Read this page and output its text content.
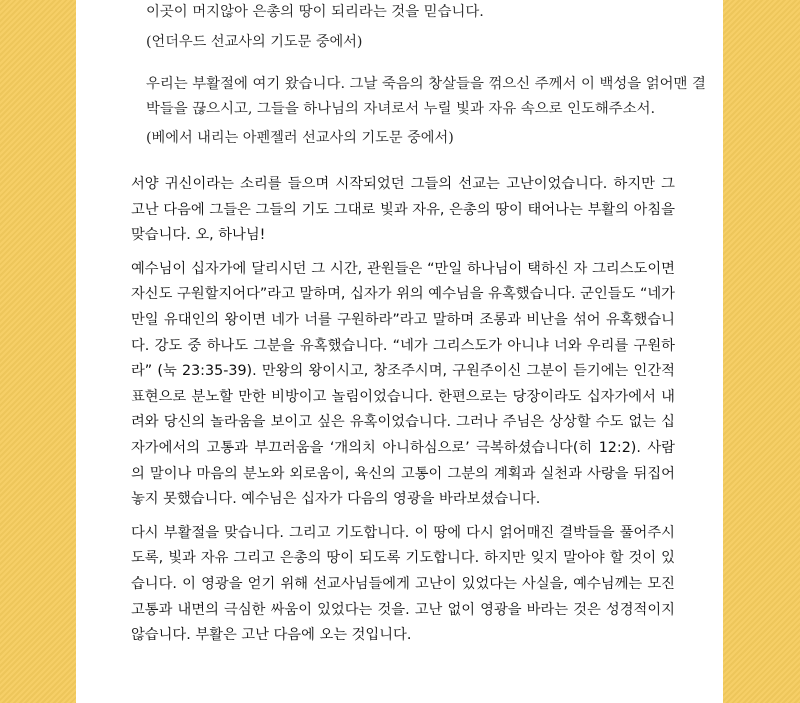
이곳이 머지않아 은총의 땅이 되리라는 것을 믿습니다.

(언더우드 선교사의 기도문 중에서)

우리는 부활절에 여기 왔습니다. 그날 죽음의 창살들을 꺾으신 주께서 이 백성을 얽어맨 결박들을 끊으시고, 그들을 하나님의 자녀로서 누릴 빛과 자유 속으로 인도해주소서.

(베에서 내리는 아펜젤러 선교사의 기도문 중에서)

서양 귀신이라는 소리를 들으며 시작되었던 그들의 선교는 고난이었습니다. 하지만 그 고난 다음에 그들은 그들의 기도 그대로 빛과 자유, 은총의 땅이 태어나는 부활의 아침을 맞습니다. 오, 하나님!

예수님이 십자가에 달리시던 그 시간, 관원들은 “만일 하나님이 택하신 자 그리스도이면 자신도 구원할지어다”라고 말하며, 십자가 위의 예수님을 유혹했습니다. 군인들도 “네가 만일 유대인의 왕이면 네가 너를 구원하라”라고 말하며 조롱과 비난을 섞어 유혹했습니다. 강도 중 하나도 그분을 유혹했습니다. “네가 그리스도가 아니냐 너와 우리를 구원하라” (눅 23:35-39). 만왕의 왕이시고, 창조주시며, 구원주이신 그분이 듣기에는 인간적 표현으로 분노할 만한 비방이고 놀림이었습니다. 한편으로는 당장이라도 십자가에서 내려와 당신의 놀라움을 보이고 싶은 유혹이었습니다. 그러나 주님은 상상할 수도 없는 십자가에서의 고통과 부끄러움을 ‘개의치 아니하심으로’ 극복하셨습니다(히 12:2). 사람의 말이나 마음의 분노와 외로움이, 육신의 고통이 그분의 계획과 실천과 사랑을 뒤집어놓지 못했습니다. 예수님은 십자가 다음의 영광을 바라보셨습니다.

다시 부활절을 맞습니다. 그리고 기도합니다. 이 땅에 다시 얽어매진 결박들을 풀어주시도록, 빛과 자유 그리고 은총의 땅이 되도록 기도합니다. 하지만 잊지 말아야 할 것이 있습니다. 이 영광을 얻기 위해 선교사님들에게 고난이 있었다는 사실을, 예수님께는 모진 고통과 내면의 극심한 싸움이 있었다는 것을. 고난 없이 영광을 바라는 것은 성경적이지 않습니다. 부활은 고난 다음에 오는 것입니다.
